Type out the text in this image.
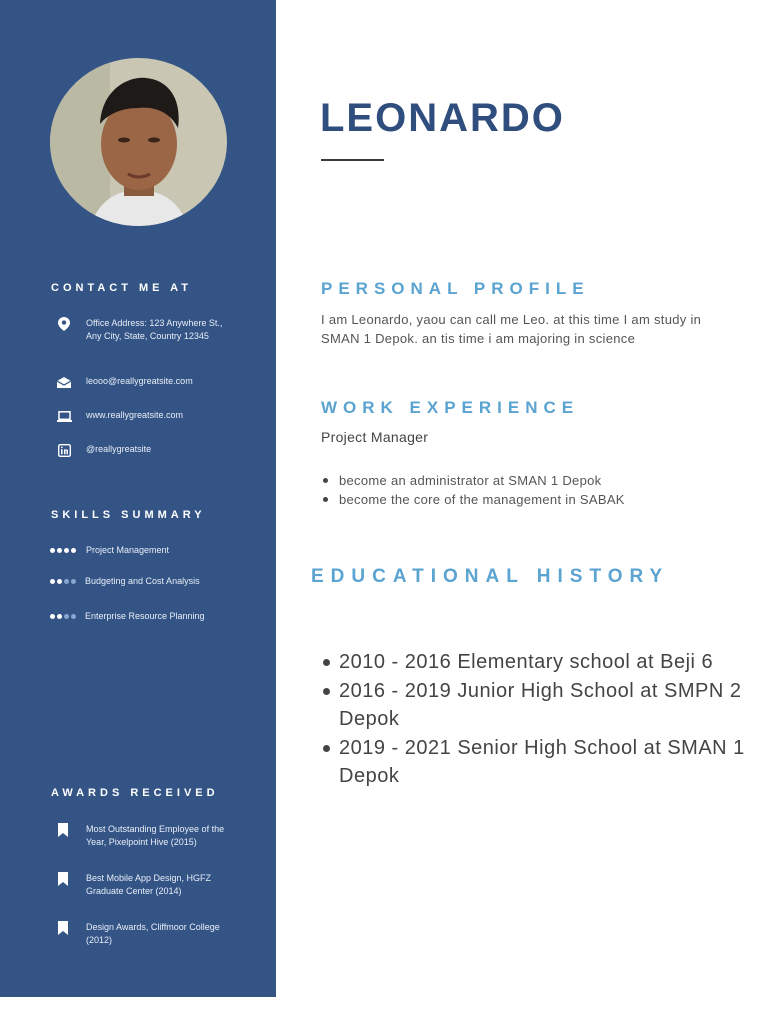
CONTACT ME AT
Office Address: 123 Anywhere St., Any City, State, Country 12345
leooo@reallygreatsite.com
www.reallygreatsite.com
@reallygreatsite
SKILLS SUMMARY
Project Management
Budgeting and Cost Analysis
Enterprise Resource Planning
AWARDS RECEIVED
Most Outstanding Employee of the Year, Pixelpoint Hive (2015)
Best Mobile App Design, HGFZ Graduate Center (2014)
Design Awards, Cliffmoor College (2012)
LEONARDO
PERSONAL PROFILE

I am Leonardo, yaou can call me Leo. at this time I am study in SMAN 1 Depok. an tis time i am majoring in science

WORK EXPERIENCE

Project Manager

become an administrator at SMAN 1 Depok
become the core of the management in SABAK
EDUCATIONAL HISTORY
2010 - 2016 Elementary school at Beji 6
2016 - 2019 Junior High School at SMPN 2 Depok
2019 - 2021 Senior High School at SMAN 1 Depok
